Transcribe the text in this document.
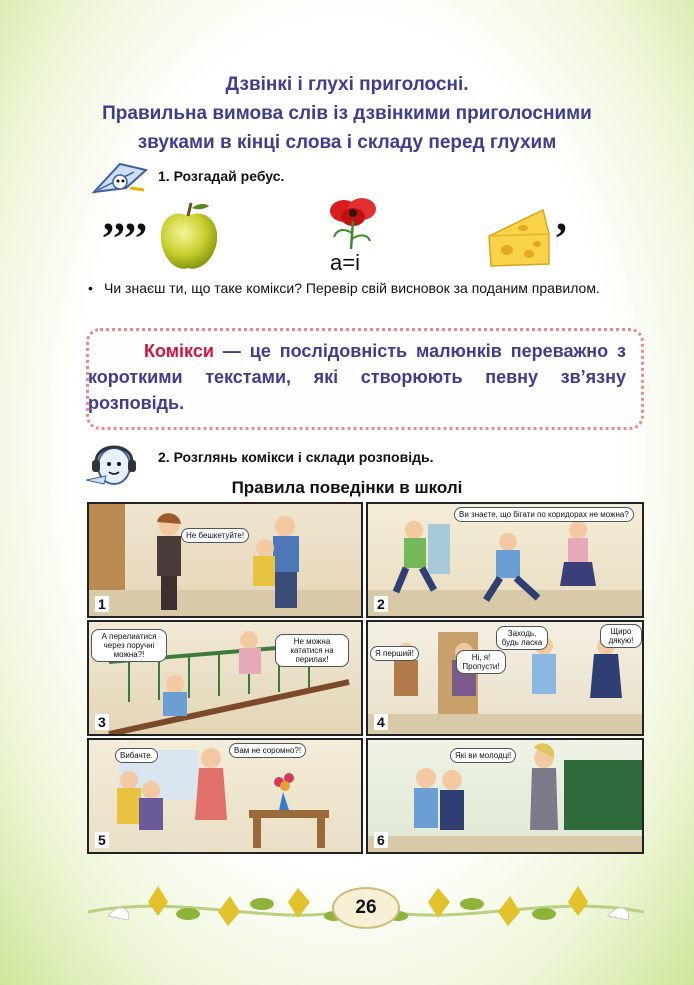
Дзвінкі і глухі приголосні.
Правильна вимова слів із дзвінкими приголосними
звуками в кінці слова і складу перед глухим
1. Розгадай ребус.
,,,,
a=i
,
• Чи знаєш ти, що таке комікси? Перевір свій висновок за поданим правилом.
Комікси — це послідовність малюнків переважно з короткими текстами, які створюють певну зв’язну розповідь.
2. Розглянь комікси і склади розповідь.
Правила поведінки в школі
Не бешкетуйте!
1
Ви знаєте, що бігати по коридорах не можна?
2
А перелиатися через поручні можна?!
Не можна кататися на перилах!
3
Я перший!	Ні, я! Пропусти!
Заходь, будь ласка
Щиро дякую!
4
Вибачте.
Вам не соромно?!
5
Які ви молодці!
6
26
